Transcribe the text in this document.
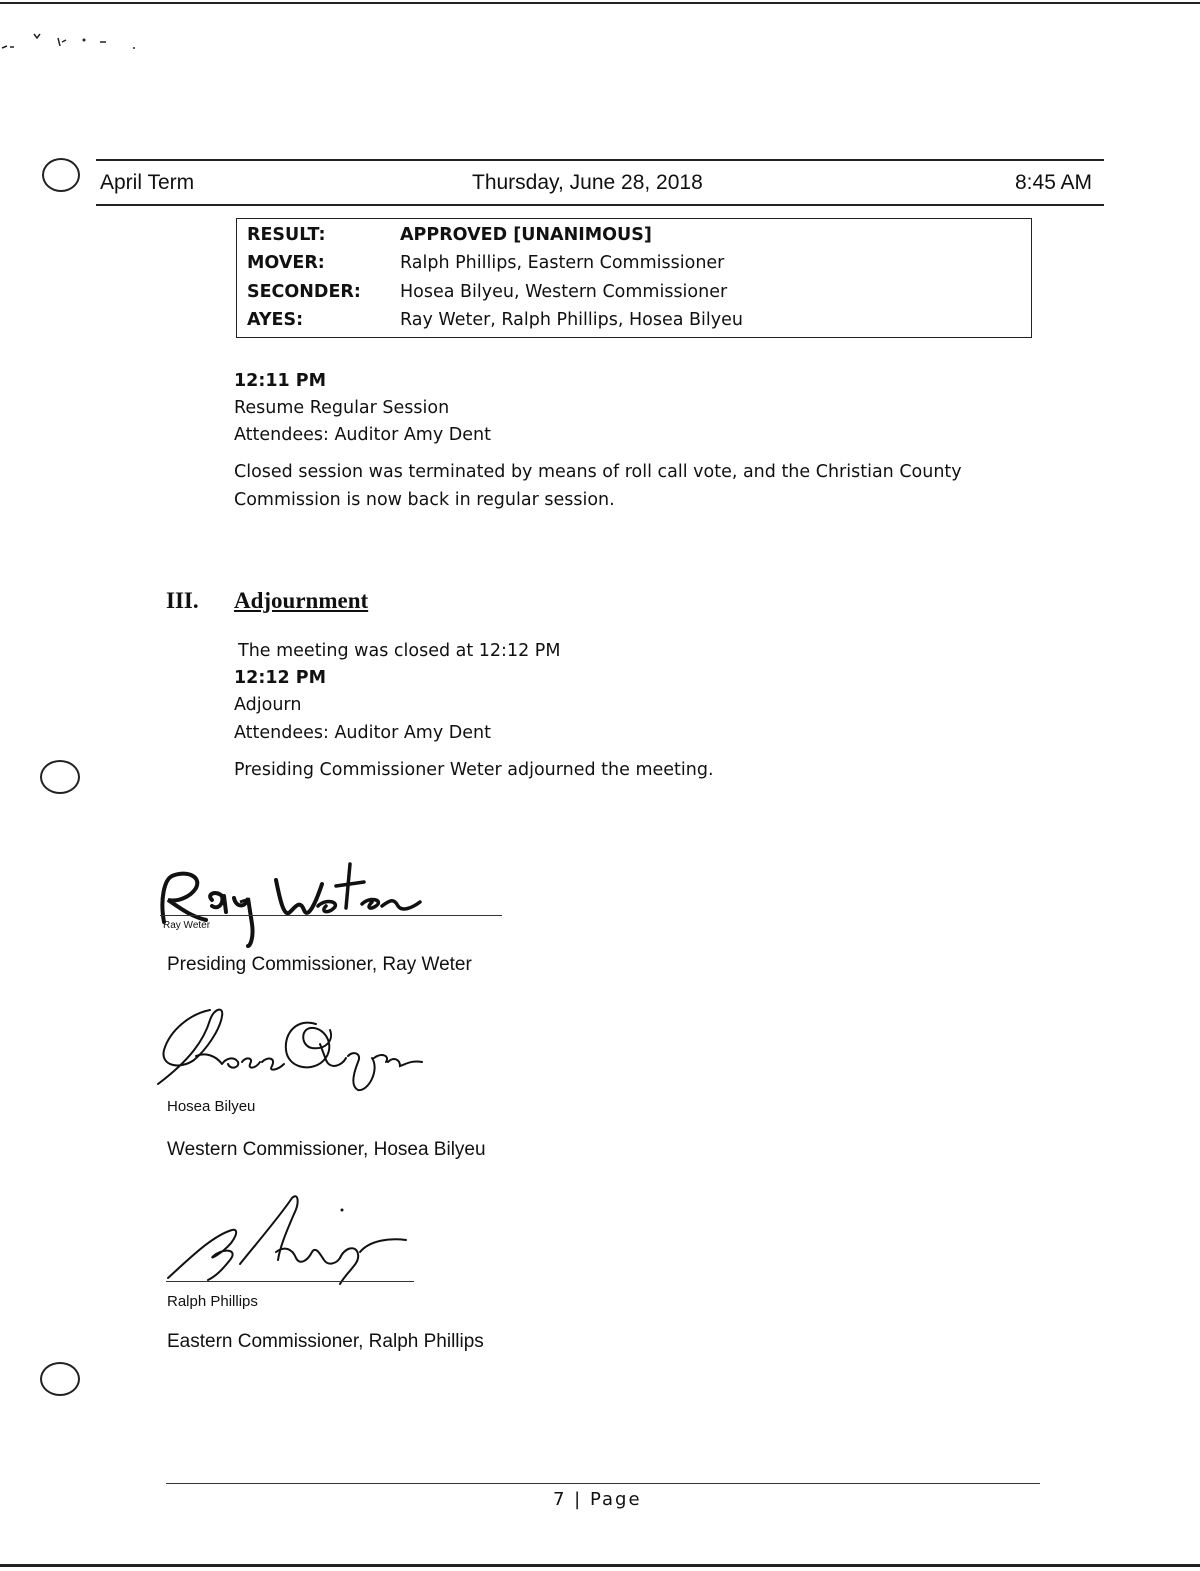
April Term	Thursday, June 28, 2018	8:45 AM
RESULT:	APPROVED [UNANIMOUS]
MOVER:	Ralph Phillips, Eastern Commissioner
SECONDER: Hosea Bilyeu, Western Commissioner
AYES:	Ray Weter, Ralph Phillips, Hosea Bilyeu
12:11 PM
Resume Regular Session
Attendees: Auditor Amy Dent
Closed session was terminated by means of roll call vote, and the Christian County
Commission is now back in regular session.
III. Adjournment
The meeting was closed at 12:12 PM
12:12 PM
Adjourn
Attendees: Auditor Amy Dent
Presiding Commissioner Weter adjourned the meeting.
Ray Weter
Presiding Commissioner, Ray Weter
Hosea Bilyeu
Western Commissioner, Hosea Bilyeu
Ralph Phillips
Eastern Commissioner, Ralph Phillips
7 | Page
